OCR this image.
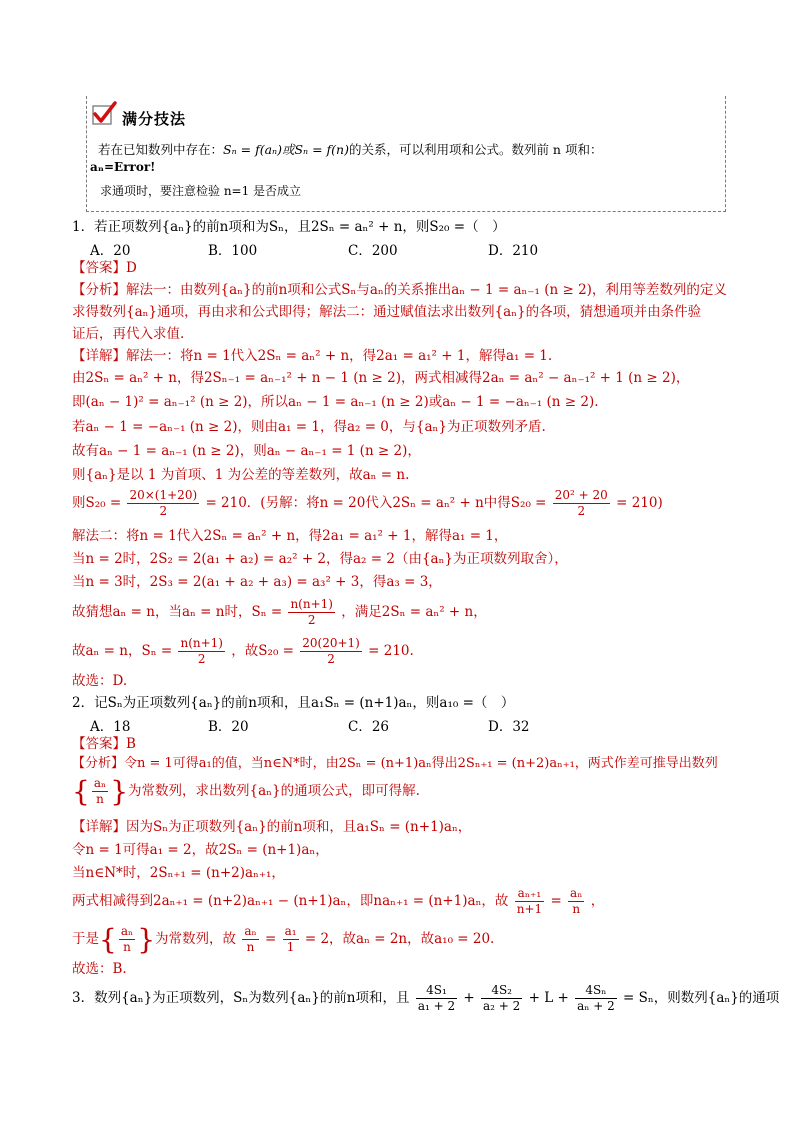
满分技法
若在已知数列中存在：Sₙ = f(aₙ)或Sₙ = f(n)的关系，可以利用项和公式。数列前 n 项和：
aₙ=Error!
求通项时，要注意检验 n=1 是否成立
1．若正项数列{aₙ}的前n项和为Sₙ，且2Sₙ = aₙ² + n，则S₂₀ =（　）
A．20	B．100	C．200	D．210
【答案】D
【分析】解法一：由数列{aₙ}的前n项和公式Sₙ与aₙ的关系推出aₙ − 1 = aₙ₋₁ (n ≥ 2)，利用等差数列的定义
求得数列{aₙ}通项，再由求和公式即得；解法二：通过赋值法求出数列{aₙ}的各项，猜想通项并由条件验
证后，再代入求值.
【详解】解法一：将n = 1代入2Sₙ = aₙ² + n，得2a₁ = a₁² + 1，解得a₁ = 1.
由2Sₙ = aₙ² + n，得2Sₙ₋₁ = aₙ₋₁² + n − 1 (n ≥ 2)，两式相减得2aₙ = aₙ² − aₙ₋₁² + 1 (n ≥ 2)，
即(aₙ − 1)² = aₙ₋₁² (n ≥ 2)，所以aₙ − 1 = aₙ₋₁ (n ≥ 2)或aₙ − 1 = −aₙ₋₁ (n ≥ 2).
若aₙ − 1 = −aₙ₋₁ (n ≥ 2)，则由a₁ = 1，得a₂ = 0，与{aₙ}为正项数列矛盾.
故有aₙ − 1 = aₙ₋₁ (n ≥ 2)，则aₙ − aₙ₋₁ = 1 (n ≥ 2)，
则{aₙ}是以 1 为首项、1 为公差的等差数列，故aₙ = n.
则$S_{20} = \frac{20\times(1+20)}{2} = 210$．(另解：将n = 20代入2Sₙ = aₙ² + n中得$S_{20} = \frac{\text{20² + 20}}{2} = 210$)
解法二：将n = 1代入2Sₙ = aₙ² + n，得2a₁ = a₁² + 1，解得a₁ = 1，
当n = 2时，2S₂ = 2(a₁ + a₂) = a₂² + 2，得a₂ = 2（由{aₙ}为正项数列取舍），
当n = 3时，2S₃ = 2(a₁ + a₂ + a₃) = a₃² + 3，得a₃ = 3，
故猜想aₙ = n，当aₙ = n时，$S_n = \frac{n(n+1)}{2}$ ，满足2Sₙ = aₙ² + n，
故aₙ = n，$S_n = \frac{n(n+1)}{2}$ ，故$S_{20} = \frac{20(20+1)}{2} = 210$.
故选：D.
2．记Sₙ为正项数列{aₙ}的前n项和，且a₁Sₙ = (n+1)aₙ，则a₁₀ =（　）
A．18	B．20	C．26	D．32
【答案】B
【分析】令n = 1可得a₁的值，当n∈N*时，由2Sₙ = (n+1)aₙ得出2Sₙ₊₁ = (n+2)aₙ₊₁，两式作差可推导出数列
{ $\frac{\text{aₙ}}{n}$ }为常数列，求出数列{aₙ}的通项公式，即可得解.
【详解】因为Sₙ为正项数列{aₙ}的前n项和，且a₁Sₙ = (n+1)aₙ，
令n = 1可得a₁ = 2，故2Sₙ = (n+1)aₙ，
当n∈N*时，2Sₙ₊₁ = (n+2)aₙ₊₁，
两式相减得到2aₙ₊₁ = (n+2)aₙ₊₁ − (n+1)aₙ，即naₙ₊₁ = (n+1)aₙ，故 $\frac{\text{aₙ₊₁}}{n+1} = \frac{\text{aₙ}}{n}$ ，
于是{ $\frac{\text{aₙ}}{n}$ }为常数列，故 $\frac{\text{aₙ}}{n} = \frac{\text{a₁}}{1} = 2$，故aₙ = 2n，故a₁₀ = 20.
故选：B.
3．数列{aₙ}为正项数列，Sₙ为数列{aₙ}的前n项和，且 $\frac{\text{4S₁}}{\text{a₁ + 2}} + \frac{\text{4S₂}}{\text{a₂ + 2}} + L + \frac{\text{4Sₙ}}{\text{aₙ + 2}} = S_n$，则数列{aₙ}的通项
